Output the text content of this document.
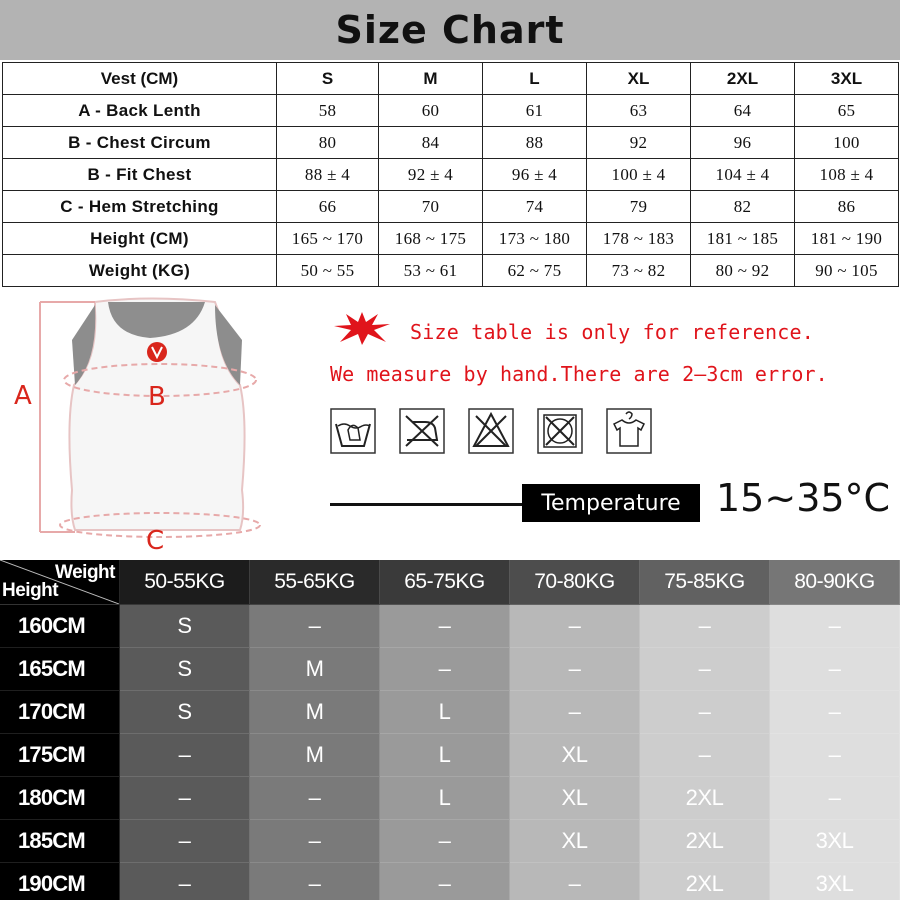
Size Chart
Vest (CM)	S	M	L	XL	2XL	3XL
A - Back Lenth	58	60	61	63	64	65
B - Chest Circum	80	84	88	92	96	100
B - Fit Chest	88 ± 4	92 ± 4	96 ± 4	100 ± 4	104 ± 4	108 ± 4
C - Hem Stretching	66	70	74	79	82	86
Height (CM)	165 ~ 170	168 ~ 175	173 ~ 180	178 ~ 183	181 ~ 185	181 ~ 190
Weight (KG)	50 ~ 55	53 ~ 61	62 ~ 75	73 ~ 82	80 ~ 92	90 ~ 105
A	B
C
Size table is only for reference.
We measure by hand.There are 2—3cm error.
Temperature 15~35°C
Weight
Height	50-55KG	55-65KG	65-75KG	70-80KG	75-85KG	80-90KG
160CM	S	–	–	–	–	–
165CM	S	M	–	–	–	–
170CM	S	M	L	–	–	–
175CM	–	M	L	XL	–	–
180CM	–	–	L	XL	2XL	–
185CM	–	–	–	XL	2XL	3XL
190CM	–	–	–	–	2XL	3XL
